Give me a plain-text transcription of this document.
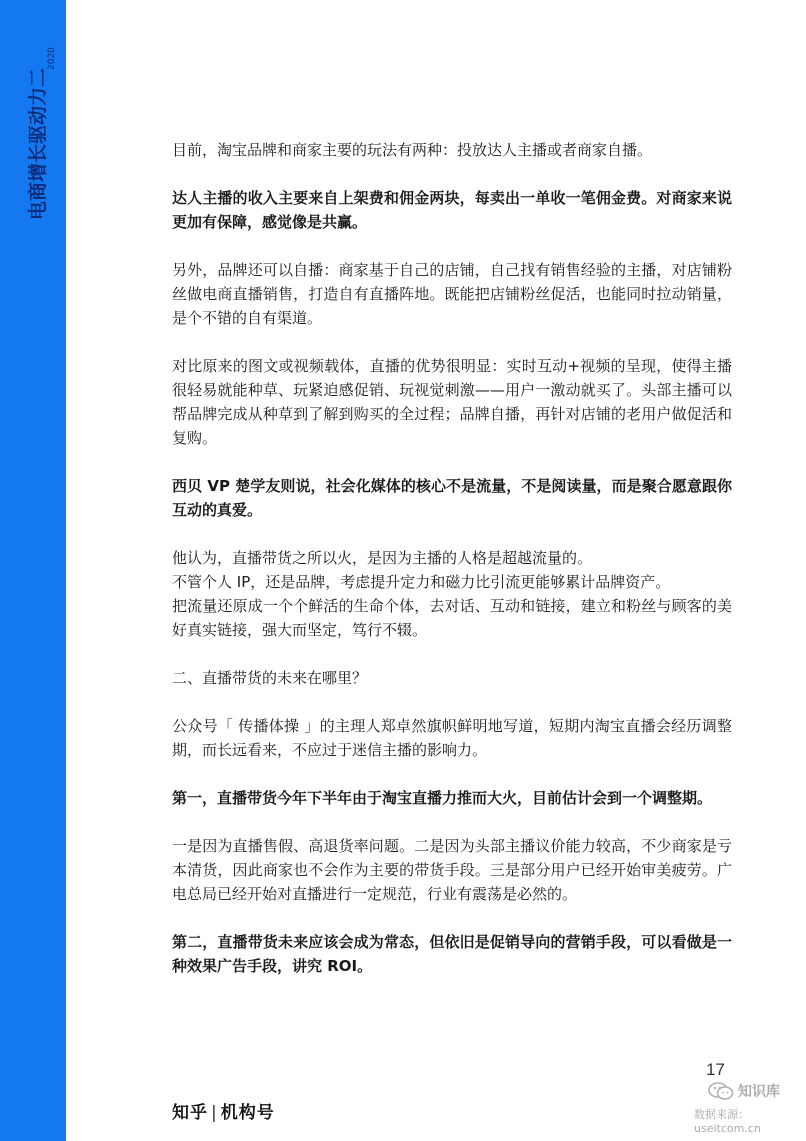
电商增长驱动力二
2020
目前，淘宝品牌和商家主要的玩法有两种：投放达人主播或者商家自播。
达人主播的收入主要来自上架费和佣金两块，每卖出一单收一笔佣金费。对商家来说更加有保障，感觉像是共赢。
另外，品牌还可以自播：商家基于自己的店铺，自己找有销售经验的主播，对店铺粉丝做电商直播销售，打造自有直播阵地。既能把店铺粉丝促活，也能同时拉动销量，是个不错的自有渠道。
对比原来的图文或视频载体，直播的优势很明显：实时互动+视频的呈现，使得主播很轻易就能种草、玩紧迫感促销、玩视觉刺激——用户一激动就买了。头部主播可以帮品牌完成从种草到了解到购买的全过程；品牌自播，再针对店铺的老用户做促活和复购。
西贝 VP 楚学友则说，社会化媒体的核心不是流量，不是阅读量，而是聚合愿意跟你互动的真爱。
他认为，直播带货之所以火，是因为主播的人格是超越流量的。
不管个人 IP，还是品牌，考虑提升定力和磁力比引流更能够累计品牌资产。
把流量还原成一个个鲜活的生命个体，去对话、互动和链接，建立和粉丝与顾客的美好真实链接，强大而坚定，笃行不辍。
二、直播带货的未来在哪里？
公众号「 传播体操 」的主理人郑卓然旗帜鲜明地写道，短期内淘宝直播会经历调整期，而长远看来，不应过于迷信主播的影响力。
第一，直播带货今年下半年由于淘宝直播力推而大火，目前估计会到一个调整期。
一是因为直播售假、高退货率问题。二是因为头部主播议价能力较高，不少商家是亏本清货，因此商家也不会作为主要的带货手段。三是部分用户已经开始审美疲劳。广电总局已经开始对直播进行一定规范，行业有震荡是必然的。
第二，直播带货未来应该会成为常态，但依旧是促销导向的营销手段，可以看做是一种效果广告手段，讲究 ROI。
知乎 | 机构号
17
知识库
数据来源：useitcom.cn
